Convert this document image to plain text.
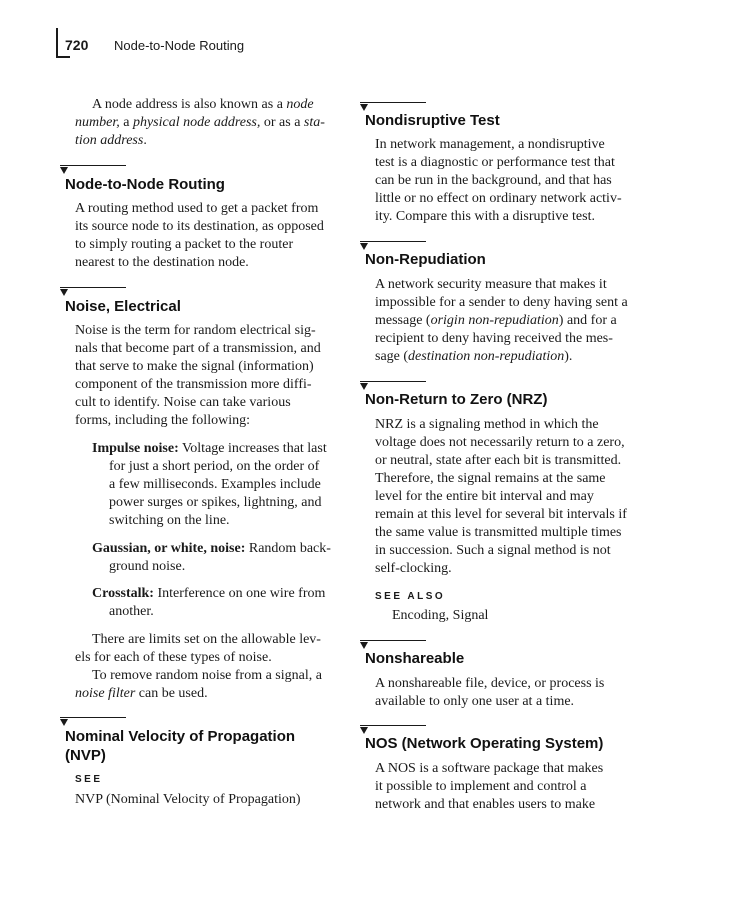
720 Node-to-Node Routing
A node address is also known as a node
number, a physical node address, or as a sta-
tion address.
Node-to-Node Routing
A routing method used to get a packet from
its source node to its destination, as opposed
to simply routing a packet to the router
nearest to the destination node.
Noise, Electrical
Noise is the term for random electrical sig-
nals that become part of a transmission, and
that serve to make the signal (information)
component of the transmission more diffi-
cult to identify. Noise can take various
forms, including the following:
Impulse noise: Voltage increases that last
for just a short period, on the order of
a few milliseconds. Examples include
power surges or spikes, lightning, and
switching on the line.
Gaussian, or white, noise: Random back-
ground noise.
Crosstalk: Interference on one wire from
another.
There are limits set on the allowable lev-
els for each of these types of noise.
To remove random noise from a signal, a
noise filter can be used.
Nominal Velocity of Propagation
(NVP)
SEE
NVP (Nominal Velocity of Propagation)
Nondisruptive Test
In network management, a nondisruptive
test is a diagnostic or performance test that
can be run in the background, and that has
little or no effect on ordinary network activ-
ity. Compare this with a disruptive test.
Non-Repudiation
A network security measure that makes it
impossible for a sender to deny having sent a
message (origin non-repudiation) and for a
recipient to deny having received the mes-
sage (destination non-repudiation).
Non-Return to Zero (NRZ)
NRZ is a signaling method in which the
voltage does not necessarily return to a zero,
or neutral, state after each bit is transmitted.
Therefore, the signal remains at the same
level for the entire bit interval and may
remain at this level for several bit intervals if
the same value is transmitted multiple times
in succession. Such a signal method is not
self-clocking.
SEE ALSO
Encoding, Signal
Nonshareable
A nonshareable file, device, or process is
available to only one user at a time.
NOS (Network Operating System)
A NOS is a software package that makes
it possible to implement and control a
network and that enables users to make
